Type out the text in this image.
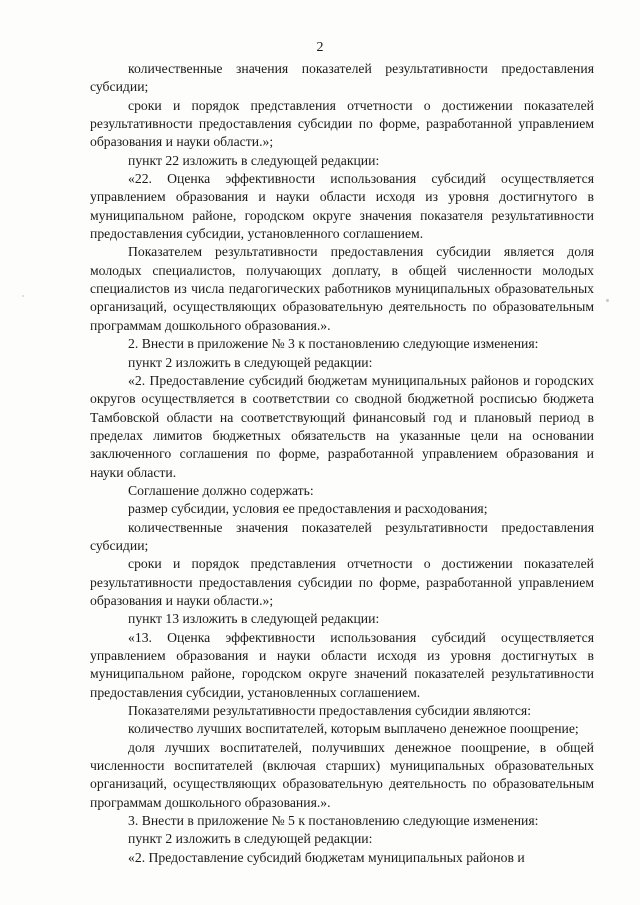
2

количественные значения показателей результативности предоставления субсидии;

сроки и порядок представления отчетности о достижении показателей результативности предоставления субсидии по форме, разработанной управлением образования и науки области.»;

пункт 22 изложить в следующей редакции:

«22. Оценка эффективности использования субсидий осуществляется управлением образования и науки области исходя из уровня достигнутого в муниципальном районе, городском округе значения показателя результативности предоставления субсидии, установленного соглашением.

Показателем результативности предоставления субсидии является доля молодых специалистов, получающих доплату, в общей численности молодых специалистов из числа педагогических работников муниципальных образовательных организаций, осуществляющих образовательную деятельность по образовательным программам дошкольного образования.».

2. Внести в приложение № 3 к постановлению следующие изменения:

пункт 2 изложить в следующей редакции:

«2. Предоставление субсидий бюджетам муниципальных районов и городских округов осуществляется в соответствии со сводной бюджетной росписью бюджета Тамбовской области на соответствующий финансовый год и плановый период в пределах лимитов бюджетных обязательств на указанные цели на основании заключенного соглашения по форме, разработанной управлением образования и науки области.

Соглашение должно содержать:

размер субсидии, условия ее предоставления и расходования;

количественные значения показателей результативности предоставления субсидии;

сроки и порядок представления отчетности о достижении показателей результативности предоставления субсидии по форме, разработанной управлением образования и науки области.»;

пункт 13 изложить в следующей редакции:

«13. Оценка эффективности использования субсидий осуществляется управлением образования и науки области исходя из уровня достигнутых в муниципальном районе, городском округе значений показателей результативности предоставления субсидии, установленных соглашением.

Показателями результативности предоставления субсидии являются:

количество лучших воспитателей, которым выплачено денежное поощрение;

доля лучших воспитателей, получивших денежное поощрение, в общей численности воспитателей (включая старших) муниципальных образовательных организаций, осуществляющих образовательную деятельность по образовательным программам дошкольного образования.».

3. Внести в приложение № 5 к постановлению следующие изменения:

пункт 2 изложить в следующей редакции:

«2. Предоставление субсидий бюджетам муниципальных районов и
